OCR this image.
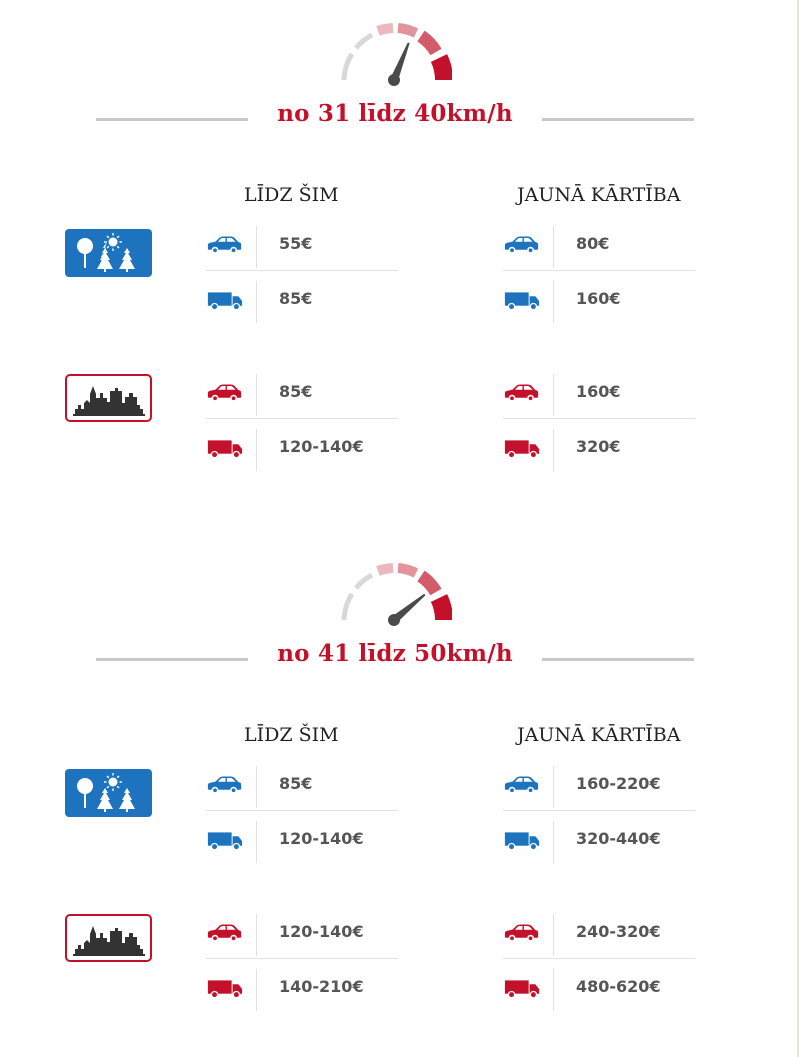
no 31 līdz 40km/h
LĪDZ ŠIM	JAUNĀ KĀRTĪBA
55€
85€
80€
160€
85€
120-140€
160€
320€
no 41 līdz 50km/h
LĪDZ ŠIM	JAUNĀ KĀRTĪBA
85€
120-140€
160-220€
320-440€
120-140€
140-210€
240-320€
480-620€
